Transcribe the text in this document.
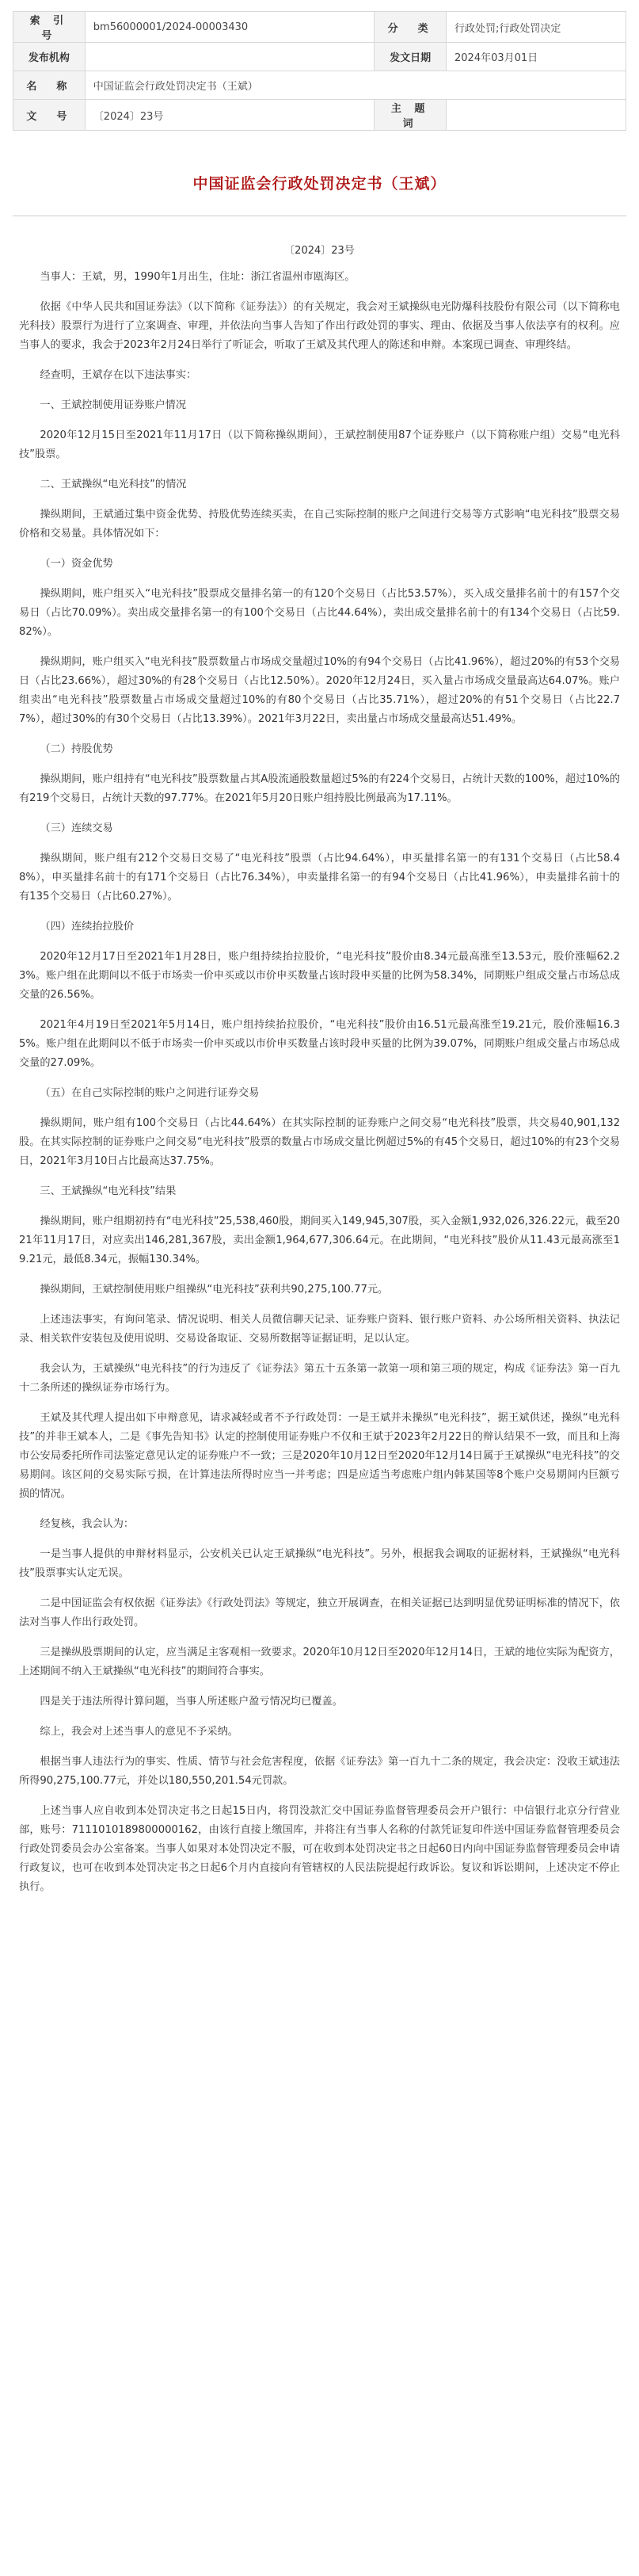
索 引 号	bm56000001/2024-00003430	分　类	行政处罚;行政处罚决定
发布机构		发文日期	2024年03月01日
名　称	中国证监会行政处罚决定书（王斌）		
文　号	〔2024〕23号	主 题 词	
中国证监会行政处罚决定书（王斌）

〔2024〕23号

当事人：王斌，男，1990年1月出生，住址：浙江省温州市瓯海区。

依据《中华人民共和国证券法》（以下简称《证券法》）的有关规定，我会对王斌操纵电光防爆科技股份有限公司（以下简称电光科技）股票行为进行了立案调查、审理，并依法向当事人告知了作出行政处罚的事实、理由、依据及当事人依法享有的权利。应当事人的要求，我会于2023年2月24日举行了听证会，听取了王斌及其代理人的陈述和申辩。本案现已调查、审理终结。

经查明，王斌存在以下违法事实：

一、王斌控制使用证券账户情况

2020年12月15日至2021年11月17日（以下简称操纵期间），王斌控制使用87个证券账户（以下简称账户组）交易“电光科技”股票。

二、王斌操纵“电光科技”的情况

操纵期间，王斌通过集中资金优势、持股优势连续买卖，在自己实际控制的账户之间进行交易等方式影响“电光科技”股票交易价格和交易量。具体情况如下：

（一）资金优势

操纵期间，账户组买入“电光科技”股票成交量排名第一的有120个交易日（占比53.57%），买入成交量排名前十的有157个交易日（占比70.09%）。卖出成交量排名第一的有100个交易日（占比44.64%），卖出成交量排名前十的有134个交易日（占比59.82%）。

操纵期间，账户组买入“电光科技”股票数量占市场成交量超过10%的有94个交易日（占比41.96%），超过20%的有53个交易日（占比23.66%），超过30%的有28个交易日（占比12.50%）。2020年12月24日，买入量占市场成交量最高达64.07%。账户组卖出“电光科技”股票数量占市场成交量超过10%的有80个交易日（占比35.71%），超过20%的有51个交易日（占比22.77%），超过30%的有30个交易日（占比13.39%）。2021年3月22日，卖出量占市场成交量最高达51.49%。

（二）持股优势

操纵期间，账户组持有“电光科技”股票数量占其A股流通股数量超过5%的有224个交易日，占统计天数的100%，超过10%的有219个交易日，占统计天数的97.77%。在2021年5月20日账户组持股比例最高为17.11%。

（三）连续交易

操纵期间，账户组有212个交易日交易了“电光科技”股票（占比94.64%），申买量排名第一的有131个交易日（占比58.48%），申买量排名前十的有171个交易日（占比76.34%），申卖量排名第一的有94个交易日（占比41.96%），申卖量排名前十的有135个交易日（占比60.27%）。

（四）连续抬拉股价

2020年12月17日至2021年1月28日，账户组持续抬拉股价，“电光科技”股价由8.34元最高涨至13.53元，股价涨幅62.23%。账户组在此期间以不低于市场卖一价申买或以市价申买数量占该时段申买量的比例为58.34%，同期账户组成交量占市场总成交量的26.56%。

2021年4月19日至2021年5月14日，账户组持续抬拉股价，“电光科技”股价由16.51元最高涨至19.21元，股价涨幅16.35%。账户组在此期间以不低于市场卖一价申买或以市价申买数量占该时段申买量的比例为39.07%，同期账户组成交量占市场总成交量的27.09%。

（五）在自己实际控制的账户之间进行证券交易

操纵期间，账户组有100个交易日（占比44.64%）在其实际控制的证券账户之间交易“电光科技”股票，共交易40,901,132股。在其实际控制的证券账户之间交易“电光科技”股票的数量占市场成交量比例超过5%的有45个交易日，超过10%的有23个交易日，2021年3月10日占比最高达37.75%。

三、王斌操纵“电光科技”结果

操纵期间，账户组期初持有“电光科技”25,538,460股，期间买入149,945,307股，买入金额1,932,026,326.22元，截至2021年11月17日，对应卖出146,281,367股，卖出金额1,964,677,306.64元。在此期间，“电光科技”股价从11.43元最高涨至19.21元，最低8.34元，振幅130.34%。

操纵期间，王斌控制使用账户组操纵“电光科技”获利共90,275,100.77元。

上述违法事实，有询问笔录、情况说明、相关人员微信聊天记录、证券账户资料、银行账户资料、办公场所相关资料、执法记录、相关软件安装包及使用说明、交易设备取证、交易所数据等证据证明，足以认定。

我会认为，王斌操纵“电光科技”的行为违反了《证券法》第五十五条第一款第一项和第三项的规定，构成《证券法》第一百九十二条所述的操纵证券市场行为。

王斌及其代理人提出如下申辩意见，请求减轻或者不予行政处罚：一是王斌并未操纵“电光科技”，据王斌供述，操纵“电光科技”的并非王斌本人，二是《事先告知书》认定的控制使用证券账户不仅和王斌于2023年2月22日的辩认结果不一致，而且和上海市公安局委托所作司法鉴定意见认定的证券账户不一致；三是2020年10月12日至2020年12月14日属于王斌操纵“电光科技”的交易期间。该区间的交易实际亏损，在计算违法所得时应当一并考虑；四是应适当考虑账户组内韩某国等8个账户交易期间内巨额亏损的情况。

经复核，我会认为：

一是当事人提供的申辩材料显示，公安机关已认定王斌操纵“电光科技”。另外，根据我会调取的证据材料，王斌操纵“电光科技”股票事实认定无误。

二是中国证监会有权依据《证券法》《行政处罚法》等规定，独立开展调查，在相关证据已达到明显优势证明标准的情况下，依法对当事人作出行政处罚。

三是操纵股票期间的认定，应当满足主客观相一致要求。2020年10月12日至2020年12月14日，王斌的地位实际为配资方，上述期间不纳入王斌操纵“电光科技”的期间符合事实。

四是关于违法所得计算问题，当事人所述账户盈亏情况均已覆盖。

综上，我会对上述当事人的意见不予采纳。

根据当事人违法行为的事实、性质、情节与社会危害程度，依据《证券法》第一百九十二条的规定，我会决定：没收王斌违法所得90,275,100.77元，并处以180,550,201.54元罚款。

上述当事人应自收到本处罚决定书之日起15日内，将罚没款汇交中国证券监督管理委员会开户银行：中信银行北京分行营业部，账号：7111010189800000162，由该行直接上缴国库，并将注有当事人名称的付款凭证复印件送中国证券监督管理委员会行政处罚委员会办公室备案。当事人如果对本处罚决定不服，可在收到本处罚决定书之日起60日内向中国证券监督管理委员会申请行政复议，也可在收到本处罚决定书之日起6个月内直接向有管辖权的人民法院提起行政诉讼。复议和诉讼期间，上述决定不停止执行。
